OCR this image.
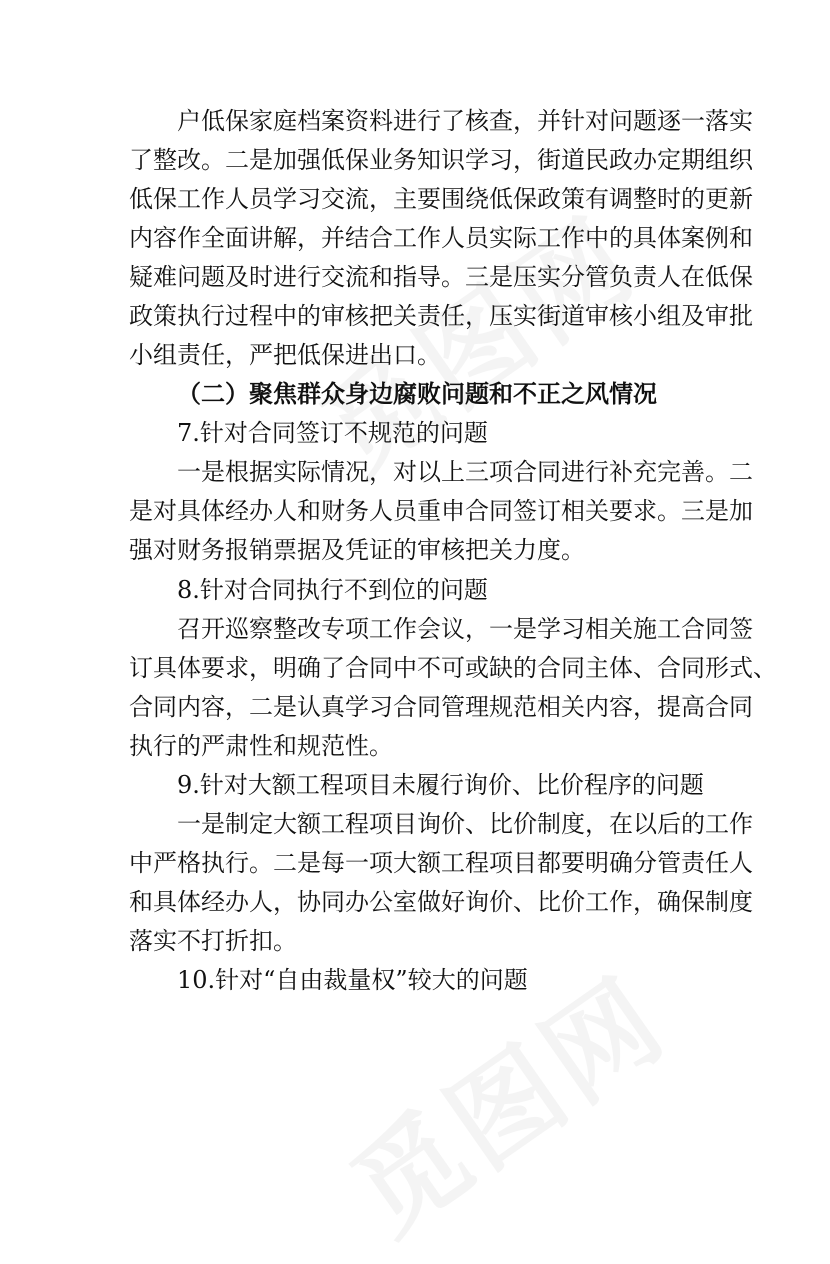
户低保家庭档案资料进行了核查，并针对问题逐一落实
了整改。二是加强低保业务知识学习，街道民政办定期组织
低保工作人员学习交流，主要围绕低保政策有调整时的更新
内容作全面讲解，并结合工作人员实际工作中的具体案例和
疑难问题及时进行交流和指导。三是压实分管负责人在低保
政策执行过程中的审核把关责任，压实街道审核小组及审批
小组责任，严把低保进出口。
（二）聚焦群众身边腐败问题和不正之风情况
7.针对合同签订不规范的问题
一是根据实际情况，对以上三项合同进行补充完善。二
是对具体经办人和财务人员重申合同签订相关要求。三是加
强对财务报销票据及凭证的审核把关力度。
8.针对合同执行不到位的问题
召开巡察整改专项工作会议，一是学习相关施工合同签
订具体要求，明确了合同中不可或缺的合同主体、合同形式、
合同内容，二是认真学习合同管理规范相关内容，提高合同
执行的严肃性和规范性。
9.针对大额工程项目未履行询价、比价程序的问题
一是制定大额工程项目询价、比价制度，在以后的工作
中严格执行。二是每一项大额工程项目都要明确分管责任人
和具体经办人，协同办公室做好询价、比价工作，确保制度
落实不打折扣。
10.针对“自由裁量权”较大的问题
